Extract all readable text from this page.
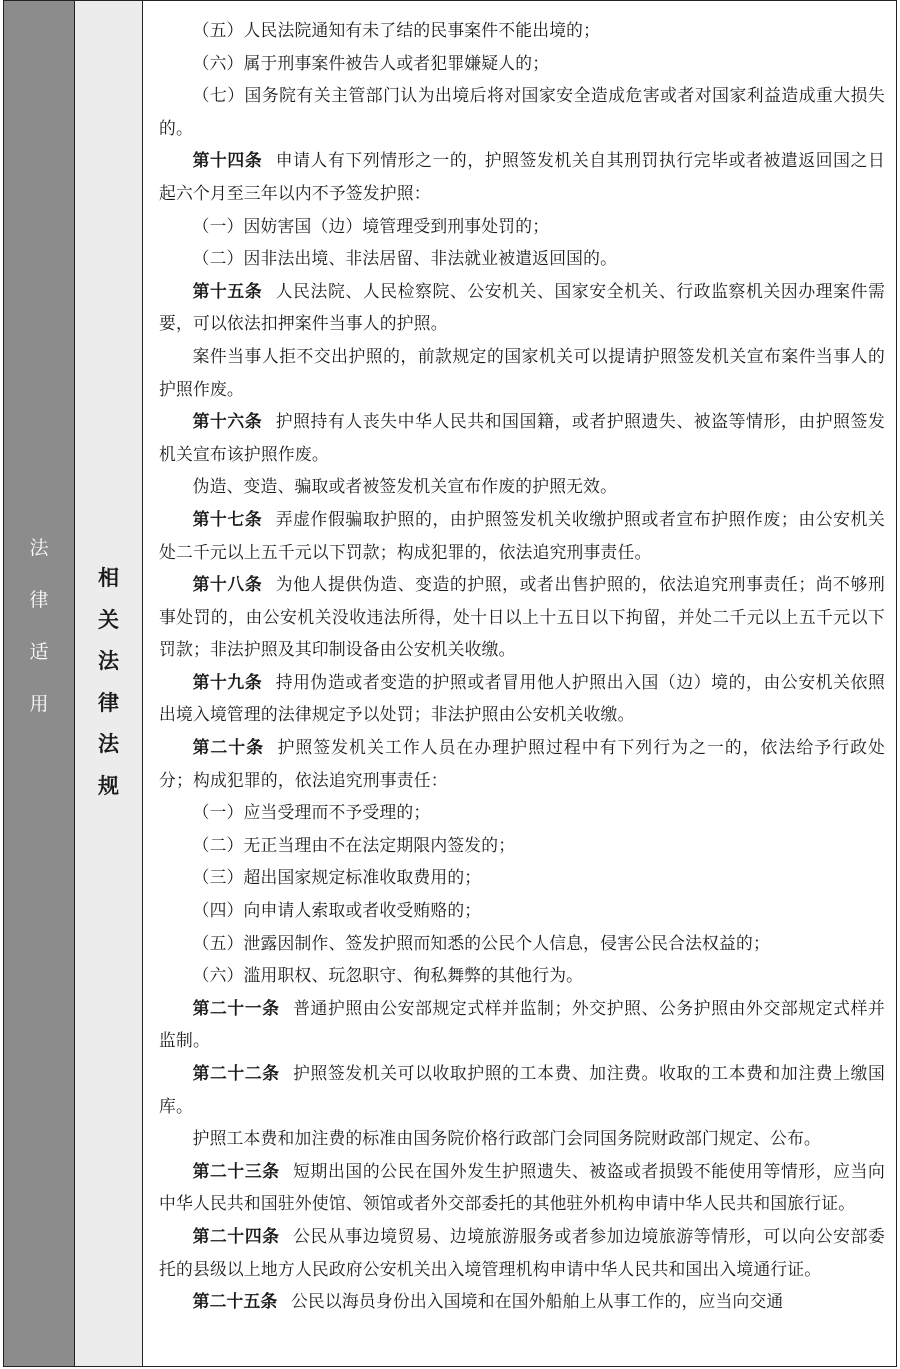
法
律
适
用
相
关
法
律
法
规

（五）人民法院通知有未了结的民事案件不能出境的；

（六）属于刑事案件被告人或者犯罪嫌疑人的；

（七）国务院有关主管部门认为出境后将对国家安全造成危害或者对国家利益造成重大损失的。

第十四条 申请人有下列情形之一的，护照签发机关自其刑罚执行完毕或者被遣返回国之日起六个月至三年以内不予签发护照：

（一）因妨害国（边）境管理受到刑事处罚的；

（二）因非法出境、非法居留、非法就业被遣返回国的。

第十五条 人民法院、人民检察院、公安机关、国家安全机关、行政监察机关因办理案件需要，可以依法扣押案件当事人的护照。

案件当事人拒不交出护照的，前款规定的国家机关可以提请护照签发机关宣布案件当事人的护照作废。

第十六条 护照持有人丧失中华人民共和国国籍，或者护照遗失、被盗等情形，由护照签发机关宣布该护照作废。

伪造、变造、骗取或者被签发机关宣布作废的护照无效。

第十七条 弄虚作假骗取护照的，由护照签发机关收缴护照或者宣布护照作废；由公安机关处二千元以上五千元以下罚款；构成犯罪的，依法追究刑事责任。

第十八条 为他人提供伪造、变造的护照，或者出售护照的，依法追究刑事责任；尚不够刑事处罚的，由公安机关没收违法所得，处十日以上十五日以下拘留，并处二千元以上五千元以下罚款；非法护照及其印制设备由公安机关收缴。

第十九条 持用伪造或者变造的护照或者冒用他人护照出入国（边）境的，由公安机关依照出境入境管理的法律规定予以处罚；非法护照由公安机关收缴。

第二十条 护照签发机关工作人员在办理护照过程中有下列行为之一的，依法给予行政处分；构成犯罪的，依法追究刑事责任：

（一）应当受理而不予受理的；

（二）无正当理由不在法定期限内签发的；

（三）超出国家规定标准收取费用的；

（四）向申请人索取或者收受贿赂的；

（五）泄露因制作、签发护照而知悉的公民个人信息，侵害公民合法权益的；

（六）滥用职权、玩忽职守、徇私舞弊的其他行为。

第二十一条 普通护照由公安部规定式样并监制；外交护照、公务护照由外交部规定式样并监制。

第二十二条 护照签发机关可以收取护照的工本费、加注费。收取的工本费和加注费上缴国库。

护照工本费和加注费的标准由国务院价格行政部门会同国务院财政部门规定、公布。

第二十三条 短期出国的公民在国外发生护照遗失、被盗或者损毁不能使用等情形，应当向中华人民共和国驻外使馆、领馆或者外交部委托的其他驻外机构申请中华人民共和国旅行证。

第二十四条 公民从事边境贸易、边境旅游服务或者参加边境旅游等情形，可以向公安部委托的县级以上地方人民政府公安机关出入境管理机构申请中华人民共和国出入境通行证。

第二十五条 公民以海员身份出入国境和在国外船舶上从事工作的，应当向交通
